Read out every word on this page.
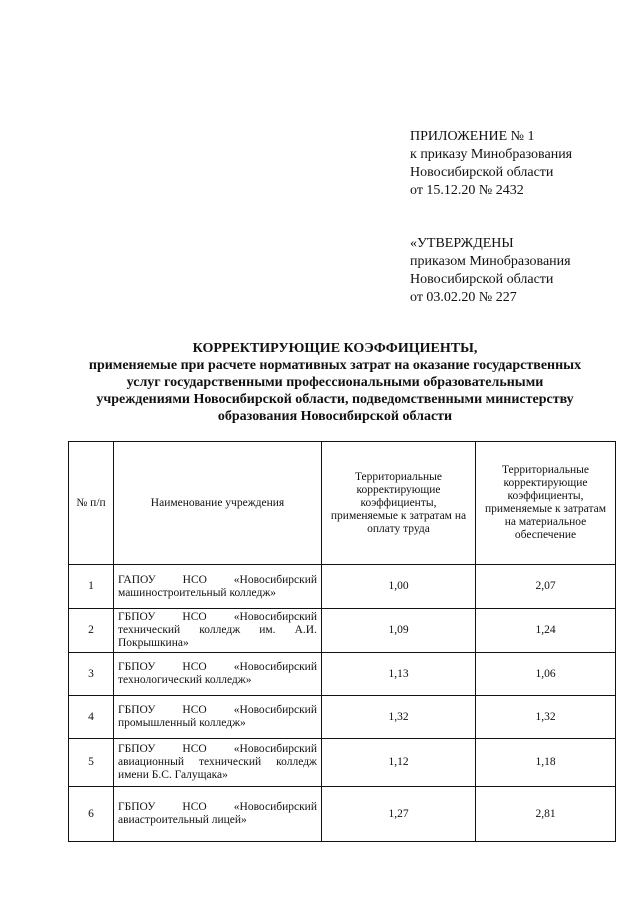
ПРИЛОЖЕНИЕ № 1
к приказу Минобразования
Новосибирской области
от 15.12.20 № 2432
«УТВЕРЖДЕНЫ
приказом Минобразования
Новосибирской области
от 03.02.20 № 227
КОРРЕКТИРУЮЩИЕ КОЭФФИЦИЕНТЫ,
применяемые при расчете нормативных затрат на оказание государственных
услуг государственными профессиональными образовательными
учреждениями Новосибирской области, подведомственными министерству
образования Новосибирской области
№ п/п	Наименование учреждения	Территориальные корректирующие коэффициенты, применяемые к затратам на оплату труда	Территориальные корректирующие коэффициенты, применяемые к затратам на материальное обеспечение
1	ГАПОУ НСО «Новосибирский машиностроительный колледж»	1,00	2,07
2	ГБПОУ НСО «Новосибирский технический колледж им. А.И. Покрышкина»	1,09	1,24
3	ГБПОУ НСО «Новосибирский технологический колледж»	1,13	1,06
4	ГБПОУ НСО «Новосибирский промышленный колледж»	1,32	1,32
5	ГБПОУ НСО «Новосибирский авиационный технический колледж имени Б.С. Галущака»	1,12	1,18
6	ГБПОУ НСО «Новосибирский авиастроительный лицей»	1,27	2,81
